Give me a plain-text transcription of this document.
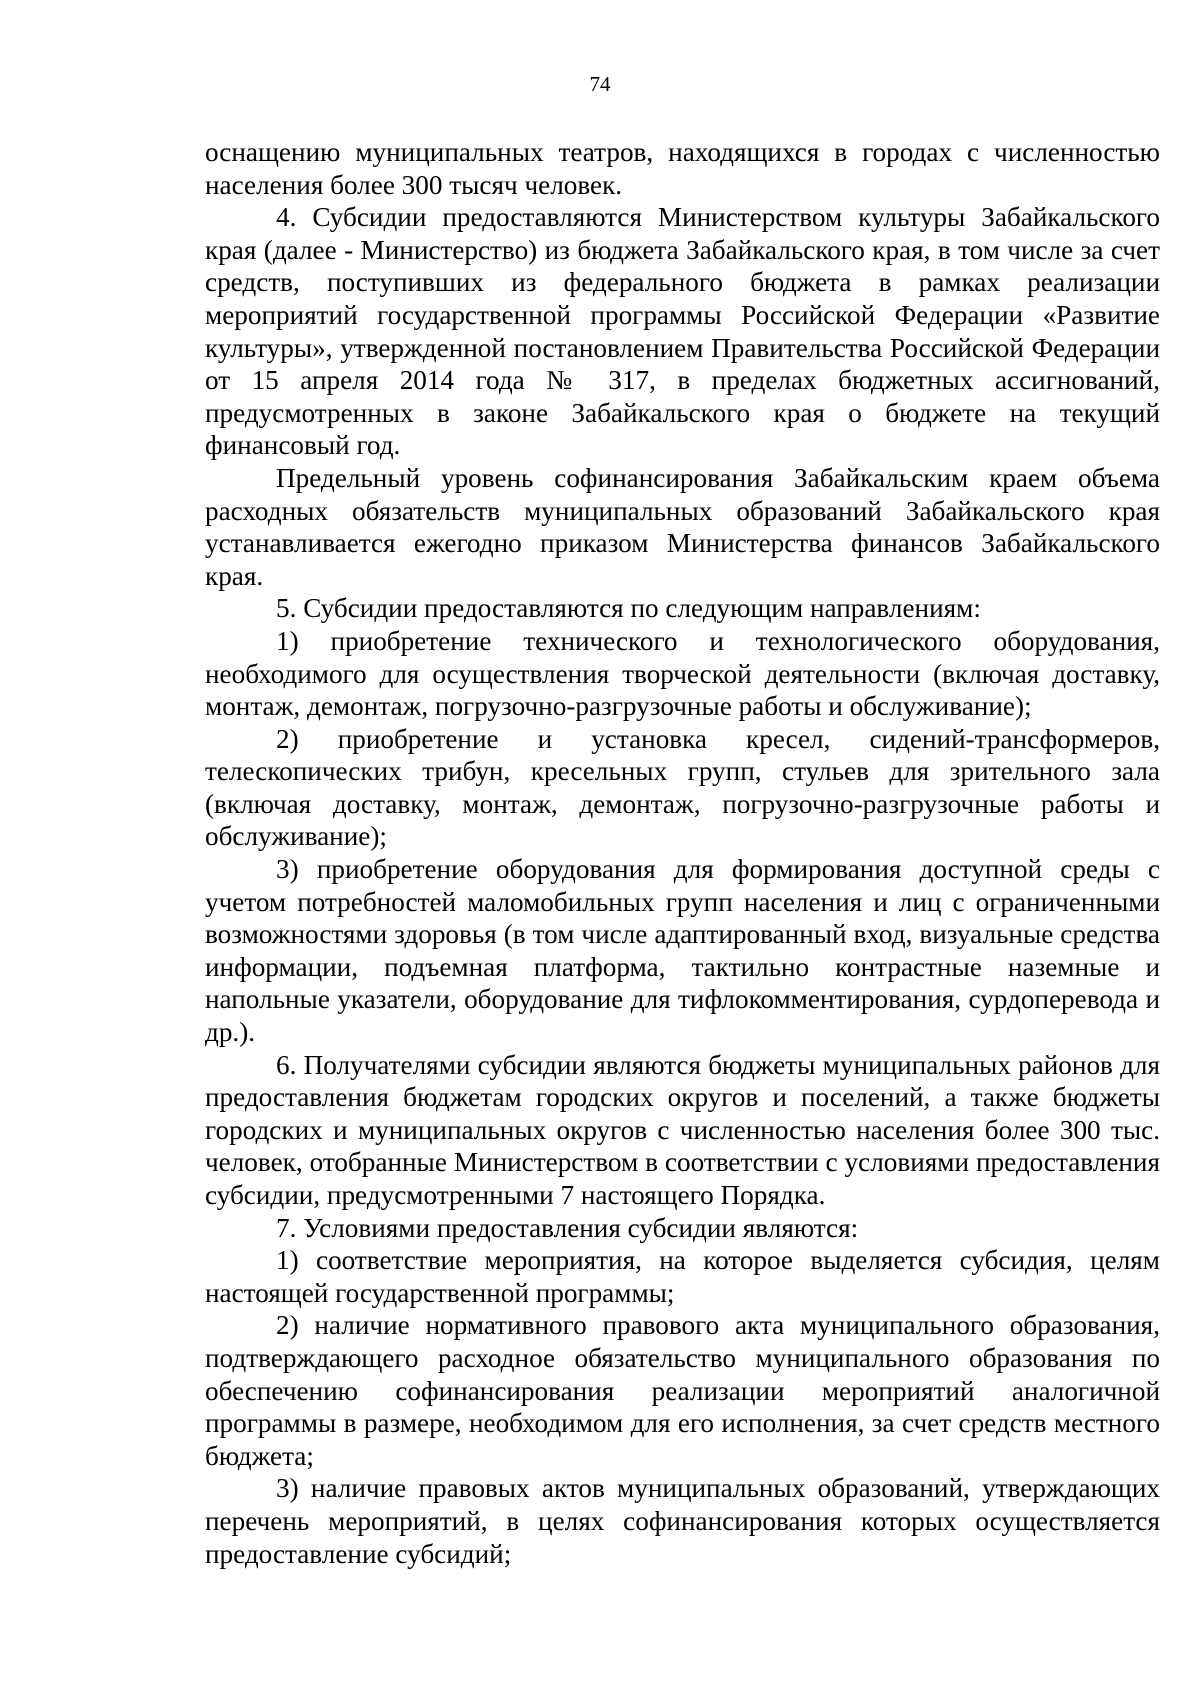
74

оснащению муниципальных театров, находящихся в городах с численностью населения более 300 тысяч человек.

4. Субсидии предоставляются Министерством культуры Забайкальского края (далее - Министерство) из бюджета Забайкальского края, в том числе за счет средств, поступивших из федерального бюджета в рамках реализации мероприятий государственной программы Российской Федерации «Развитие культуры», утвержденной постановлением Правительства Российской Федерации от 15 апреля 2014 года № 317, в пределах бюджетных ассигнований, предусмотренных в законе Забайкальского края о бюджете на текущий финансовый год.

Предельный уровень софинансирования Забайкальским краем объема расходных обязательств муниципальных образований Забайкальского края устанавливается ежегодно приказом Министерства финансов Забайкальского края.

5. Субсидии предоставляются по следующим направлениям:

1) приобретение технического и технологического оборудования, необходимого для осуществления творческой деятельности (включая доставку, монтаж, демонтаж, погрузочно-разгрузочные работы и обслуживание);

2) приобретение и установка кресел, сидений-трансформеров, телескопических трибун, кресельных групп, стульев для зрительного зала (включая доставку, монтаж, демонтаж, погрузочно-разгрузочные работы и обслуживание);

3) приобретение оборудования для формирования доступной среды с учетом потребностей маломобильных групп населения и лиц с ограниченными возможностями здоровья (в том числе адаптированный вход, визуальные средства информации, подъемная платформа, тактильно контрастные наземные и напольные указатели, оборудование для тифлокомментирования, сурдоперевода и др.).

6. Получателями субсидии являются бюджеты муниципальных районов для предоставления бюджетам городских округов и поселений, а также бюджеты городских и муниципальных округов с численностью населения более 300 тыс. человек, отобранные Министерством в соответствии с условиями предоставления субсидии, предусмотренными 7 настоящего Порядка.

7. Условиями предоставления субсидии являются:

1) соответствие мероприятия, на которое выделяется субсидия, целям настоящей государственной программы;

2) наличие нормативного правового акта муниципального образования, подтверждающего расходное обязательство муниципального образования по обеспечению софинансирования реализации мероприятий аналогичной программы в размере, необходимом для его исполнения, за счет средств местного бюджета;

3) наличие правовых актов муниципальных образований, утверждающих перечень мероприятий, в целях софинансирования которых осуществляется предоставление субсидий;
